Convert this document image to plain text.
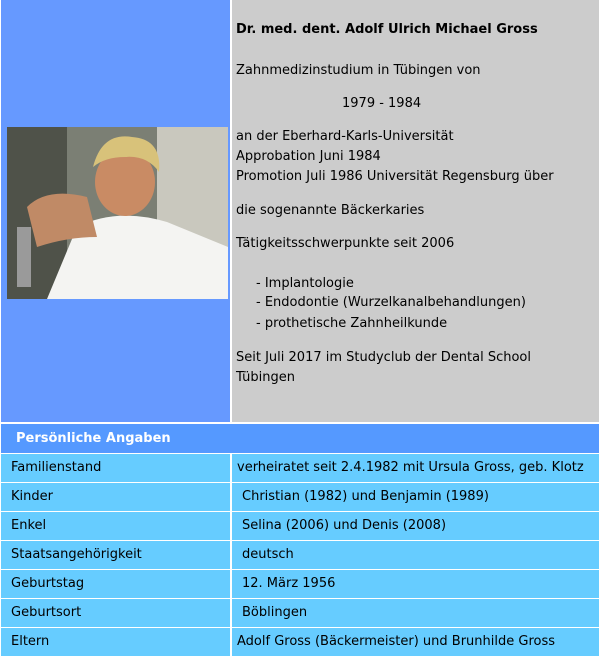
Dr. med. dent. Adolf Ulrich Michael Gross
Zahnmedizinstudium in Tübingen von
1979 - 1984
an der Eberhard-Karls-Universität
Approbation Juni 1984
Promotion Juli 1986 Universität Regensburg über
die sogenannte Bäckerkaries
Tätigkeitsschwerpunkte seit 2006
- Implantologie
- Endodontie (Wurzelkanalbehandlungen)
- prothetische Zahnheilkunde
Seit Juli 2017 im Studyclub der Dental School
Tübingen
Persönliche Angaben
Familienstand	verheiratet seit 2.4.1982 mit Ursula Gross, geb. Klotz
Kinder	Christian (1982) und Benjamin (1989)
Enkel	Selina (2006) und Denis (2008)
Staatsangehörigkeit	deutsch
Geburtstag	12. März 1956
Geburtsort	Böblingen
Eltern	Adolf Gross (Bäckermeister) und Brunhilde Gross
